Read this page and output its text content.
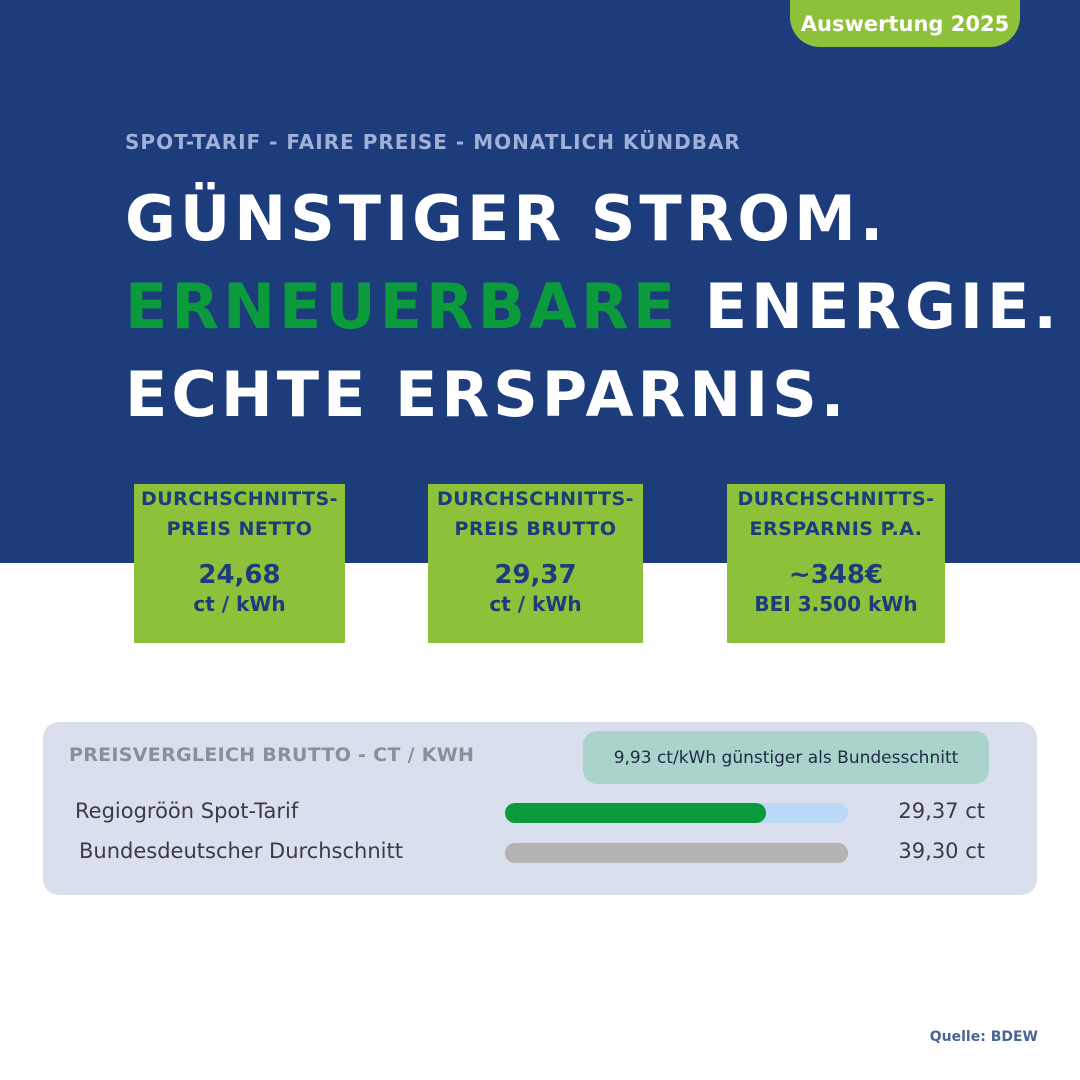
Auswertung 2025
SPOT-TARIF - FAIRE PREISE - MONATLICH KÜNDBAR
GÜNSTIGER STROM.
ERNEUERBARE ENERGIE.
ECHTE ERSPARNIS.
DURCHSCHNITTS-
PREIS NETTO
24,68
ct / kWh
DURCHSCHNITTS-
PREIS BRUTTO
29,37
ct / kWh
DURCHSCHNITTS-
ERSPARNIS P.A.
~348€
BEI 3.500 kWh
PREISVERGLEICH BRUTTO - CT / KWH	9,93 ct/kWh günstiger als Bundesschnitt
Regiogröön Spot-Tarif	29,37 ct
Bundesdeutscher Durchschnitt	39,30 ct
Quelle: BDEW
